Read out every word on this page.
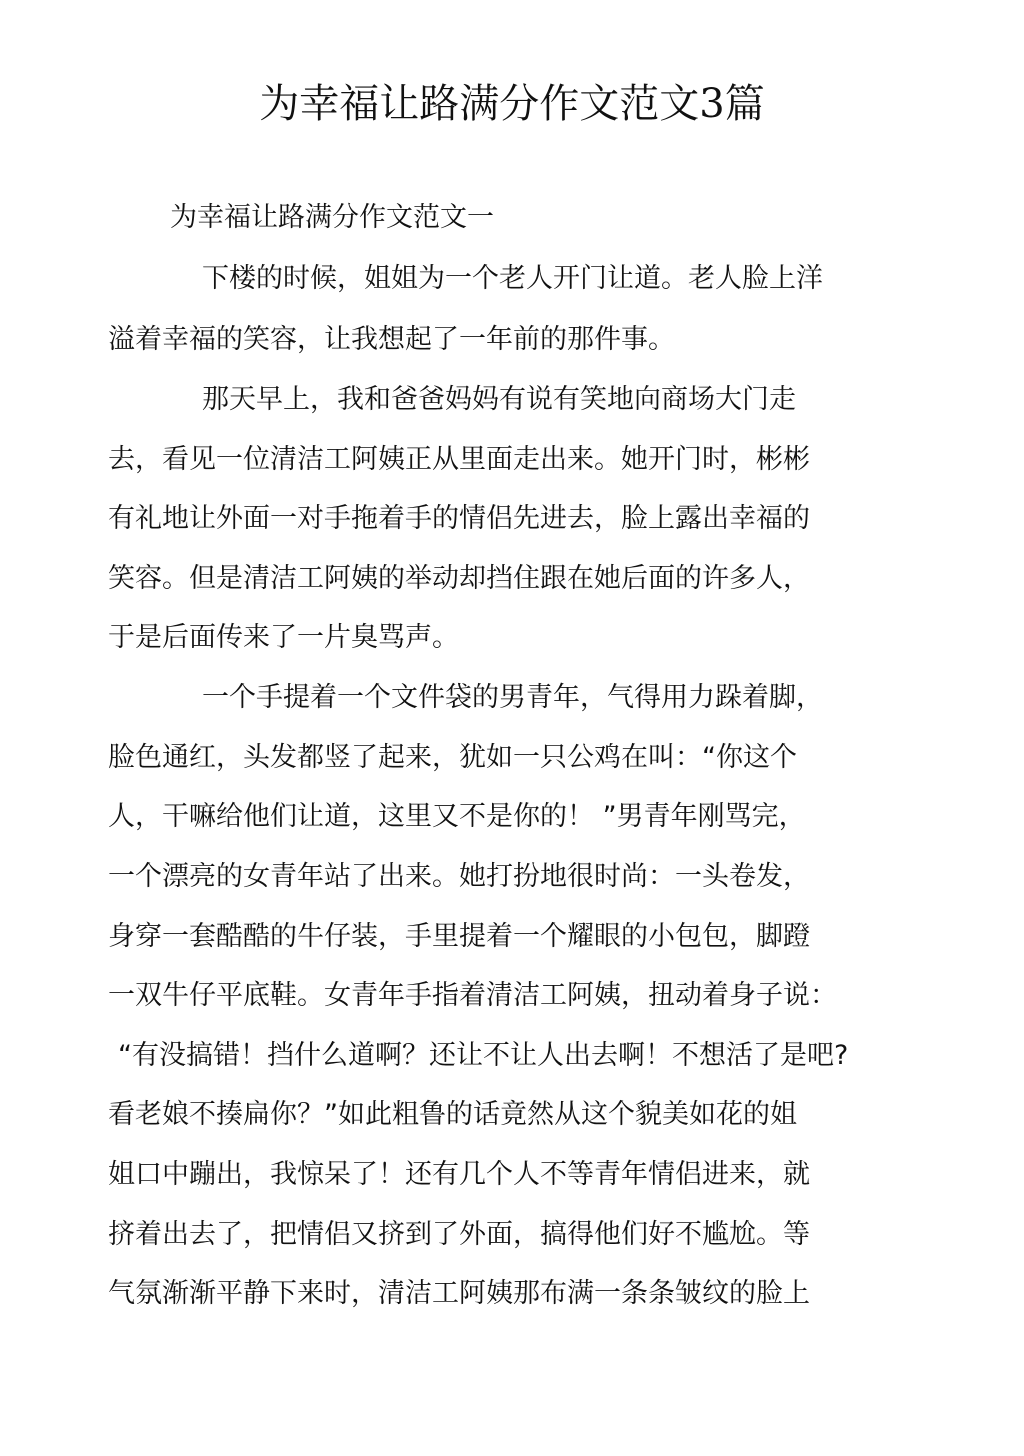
为幸福让路满分作文范文3篇

为幸福让路满分作文范文一

下楼的时候，姐姐为一个老人开门让道。老人脸上洋

溢着幸福的笑容，让我想起了一年前的那件事。

那天早上，我和爸爸妈妈有说有笑地向商场大门走

去，看见一位清洁工阿姨正从里面走出来。她开门时，彬彬

有礼地让外面一对手拖着手的情侣先进去，脸上露出幸福的

笑容。但是清洁工阿姨的举动却挡住跟在她后面的许多人，

于是后面传来了一片臭骂声。

一个手提着一个文件袋的男青年，气得用力跺着脚，

脸色通红，头发都竖了起来，犹如一只公鸡在叫：“你这个

人，干嘛给他们让道，这里又不是你的！ ”男青年刚骂完，

一个漂亮的女青年站了出来。她打扮地很时尚：一头卷发，

身穿一套酷酷的牛仔装，手里提着一个耀眼的小包包，脚蹬

一双牛仔平底鞋。女青年手指着清洁工阿姨，扭动着身子说：

“有没搞错！挡什么道啊？还让不让人出去啊！不想活了是吧?

看老娘不揍扁你？”如此粗鲁的话竟然从这个貌美如花的姐

姐口中蹦出，我惊呆了！还有几个人不等青年情侣进来，就

挤着出去了，把情侣又挤到了外面，搞得他们好不尴尬。等

气氛渐渐平静下来时，清洁工阿姨那布满一条条皱纹的脸上
